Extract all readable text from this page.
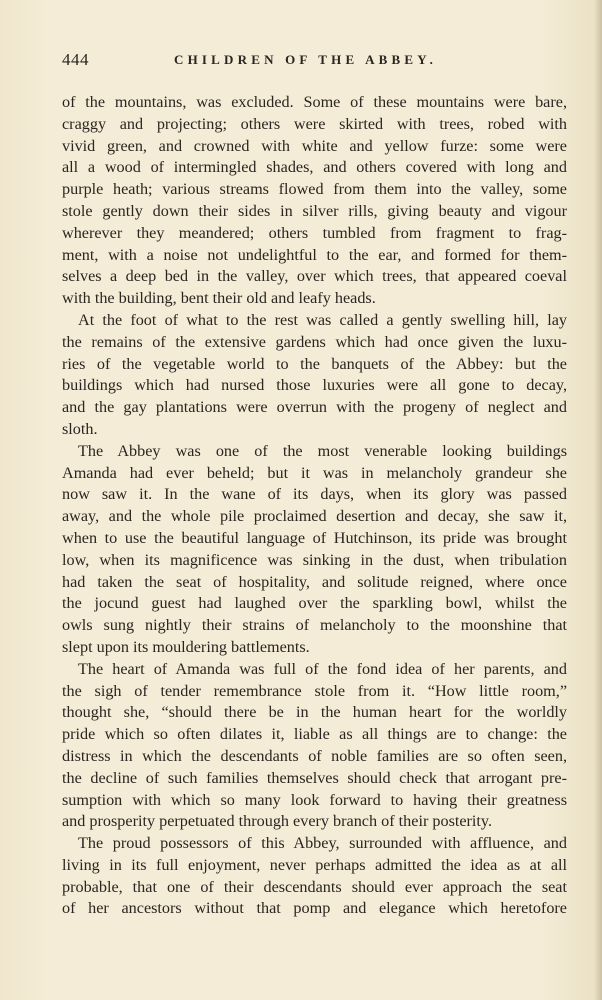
444	CHILDREN OF THE ABBEY.
of the mountains, was excluded. Some of these mountains were bare,
craggy and projecting; others were skirted with trees, robed with
vivid green, and crowned with white and yellow furze: some were
all a wood of intermingled shades, and others covered with long and
purple heath; various streams flowed from them into the valley, some
stole gently down their sides in silver rills, giving beauty and vigour
wherever they meandered; others tumbled from fragment to frag-
ment, with a noise not undelightful to the ear, and formed for them-
selves a deep bed in the valley, over which trees, that appeared coeval
with the building, bent their old and leafy heads.
At the foot of what to the rest was called a gently swelling hill, lay
the remains of the extensive gardens which had once given the luxu-
ries of the vegetable world to the banquets of the Abbey: but the
buildings which had nursed those luxuries were all gone to decay,
and the gay plantations were overrun with the progeny of neglect and
sloth.
The Abbey was one of the most venerable looking buildings
Amanda had ever beheld; but it was in melancholy grandeur she
now saw it. In the wane of its days, when its glory was passed
away, and the whole pile proclaimed desertion and decay, she saw it,
when to use the beautiful language of Hutchinson, its pride was brought
low, when its magnificence was sinking in the dust, when tribulation
had taken the seat of hospitality, and solitude reigned, where once
the jocund guest had laughed over the sparkling bowl, whilst the
owls sung nightly their strains of melancholy to the moonshine that
slept upon its mouldering battlements.
The heart of Amanda was full of the fond idea of her parents, and
the sigh of tender remembrance stole from it. “How little room,”
thought she, “should there be in the human heart for the worldly
pride which so often dilates it, liable as all things are to change: the
distress in which the descendants of noble families are so often seen,
the decline of such families themselves should check that arrogant pre-
sumption with which so many look forward to having their greatness
and prosperity perpetuated through every branch of their posterity.
The proud possessors of this Abbey, surrounded with affluence, and
living in its full enjoyment, never perhaps admitted the idea as at all
probable, that one of their descendants should ever approach the seat
of her ancestors without that pomp and elegance which heretofore
